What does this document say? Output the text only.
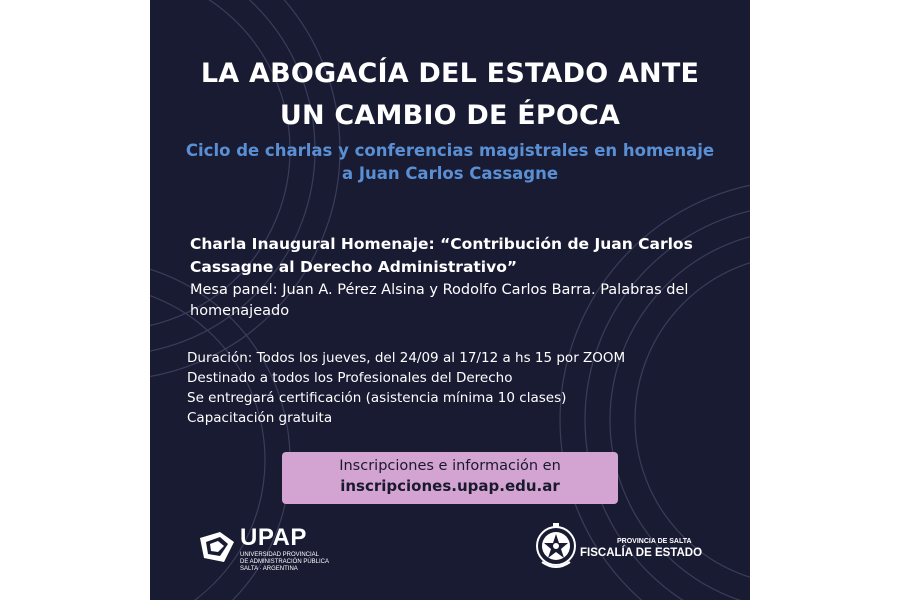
LA ABOGACÍA DEL ESTADO ANTE
UN CAMBIO DE ÉPOCA
Ciclo de charlas y conferencias magistrales en homenaje
a Juan Carlos Cassagne
Charla Inaugural Homenaje: “Contribución de Juan Carlos
Cassagne al Derecho Administrativo”
Mesa panel: Juan A. Pérez Alsina y Rodolfo Carlos Barra. Palabras del
homenajeado
Duración: Todos los jueves, del 24/09 al 17/12 a hs 15 por ZOOM
Destinado a todos los Profesionales del Derecho
Se entregará certificación (asistencia mínima 10 clases)
Capacitación gratuita
Inscripciones e información en
inscripciones.upap.edu.ar
UPAP
UNIVERSIDAD PROVINCIAL
DE ADMINISTRACIÓN PÚBLICA
SALTA · ARGENTINA
PROVINCIA DE SALTA
FISCALÍA DE ESTADO
